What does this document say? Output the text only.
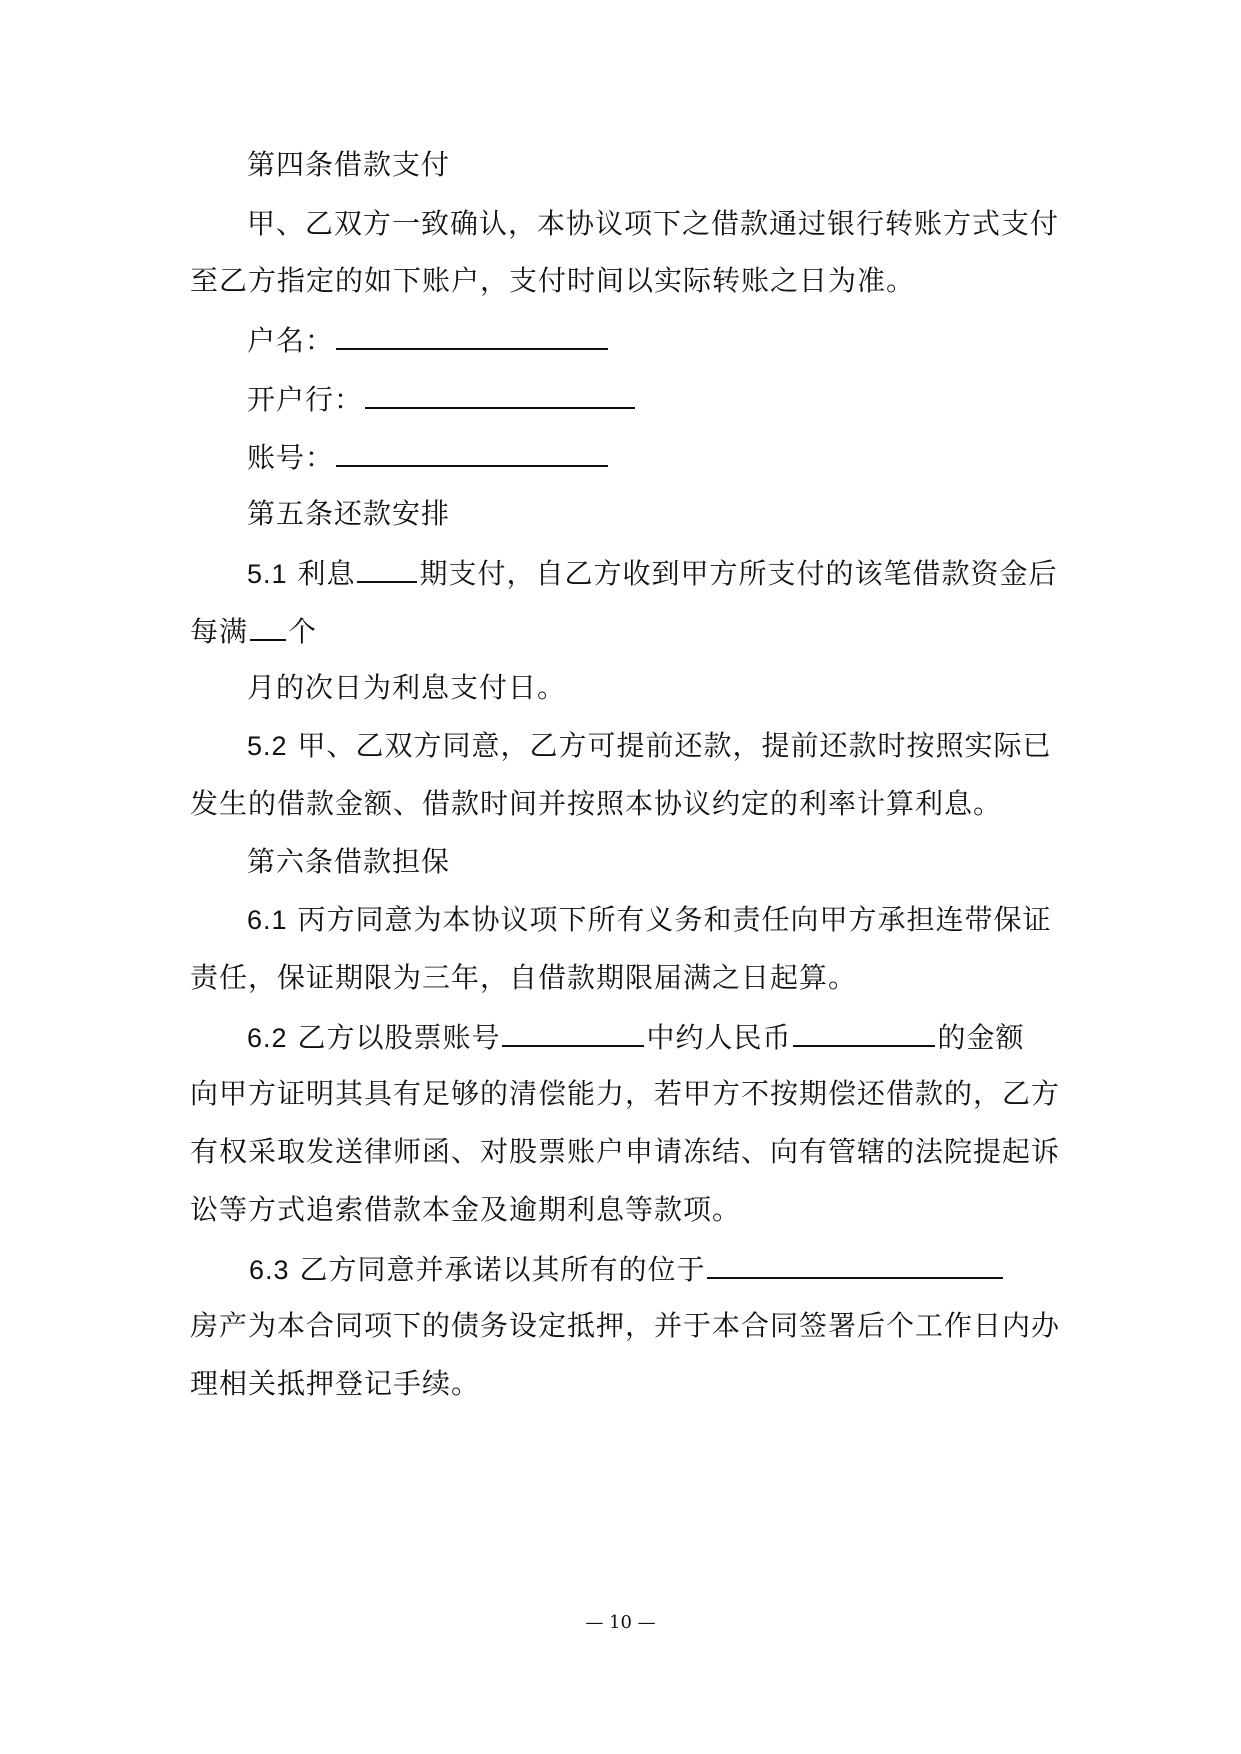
第四条借款支付
甲、乙双方一致确认，本协议项下之借款通过银行转账方式支付
至乙方指定的如下账户，支付时间以实际转账之日为准。
户名：
开户行：
账号：
第五条还款安排
5.1 利息 期支付，自乙方收到甲方所支付的该笔借款资金后
每满 个
月的次日为利息支付日。
5.2 甲、乙双方同意，乙方可提前还款，提前还款时按照实际已
发生的借款金额、借款时间并按照本协议约定的利率计算利息。
第六条借款担保
6.1 丙方同意为本协议项下所有义务和责任向甲方承担连带保证
责任，保证期限为三年，自借款期限届满之日起算。
6.2 乙方以股票账号	中约人民币	的金额
向甲方证明其具有足够的清偿能力，若甲方不按期偿还借款的，乙方
有权采取发送律师函、对股票账户申请冻结、向有管辖的法院提起诉
讼等方式追索借款本金及逾期利息等款项。
6.3 乙方同意并承诺以其所有的位于
房产为本合同项下的债务设定抵押，并于本合同签署后个工作日内办
理相关抵押登记手续。
— 10 —
